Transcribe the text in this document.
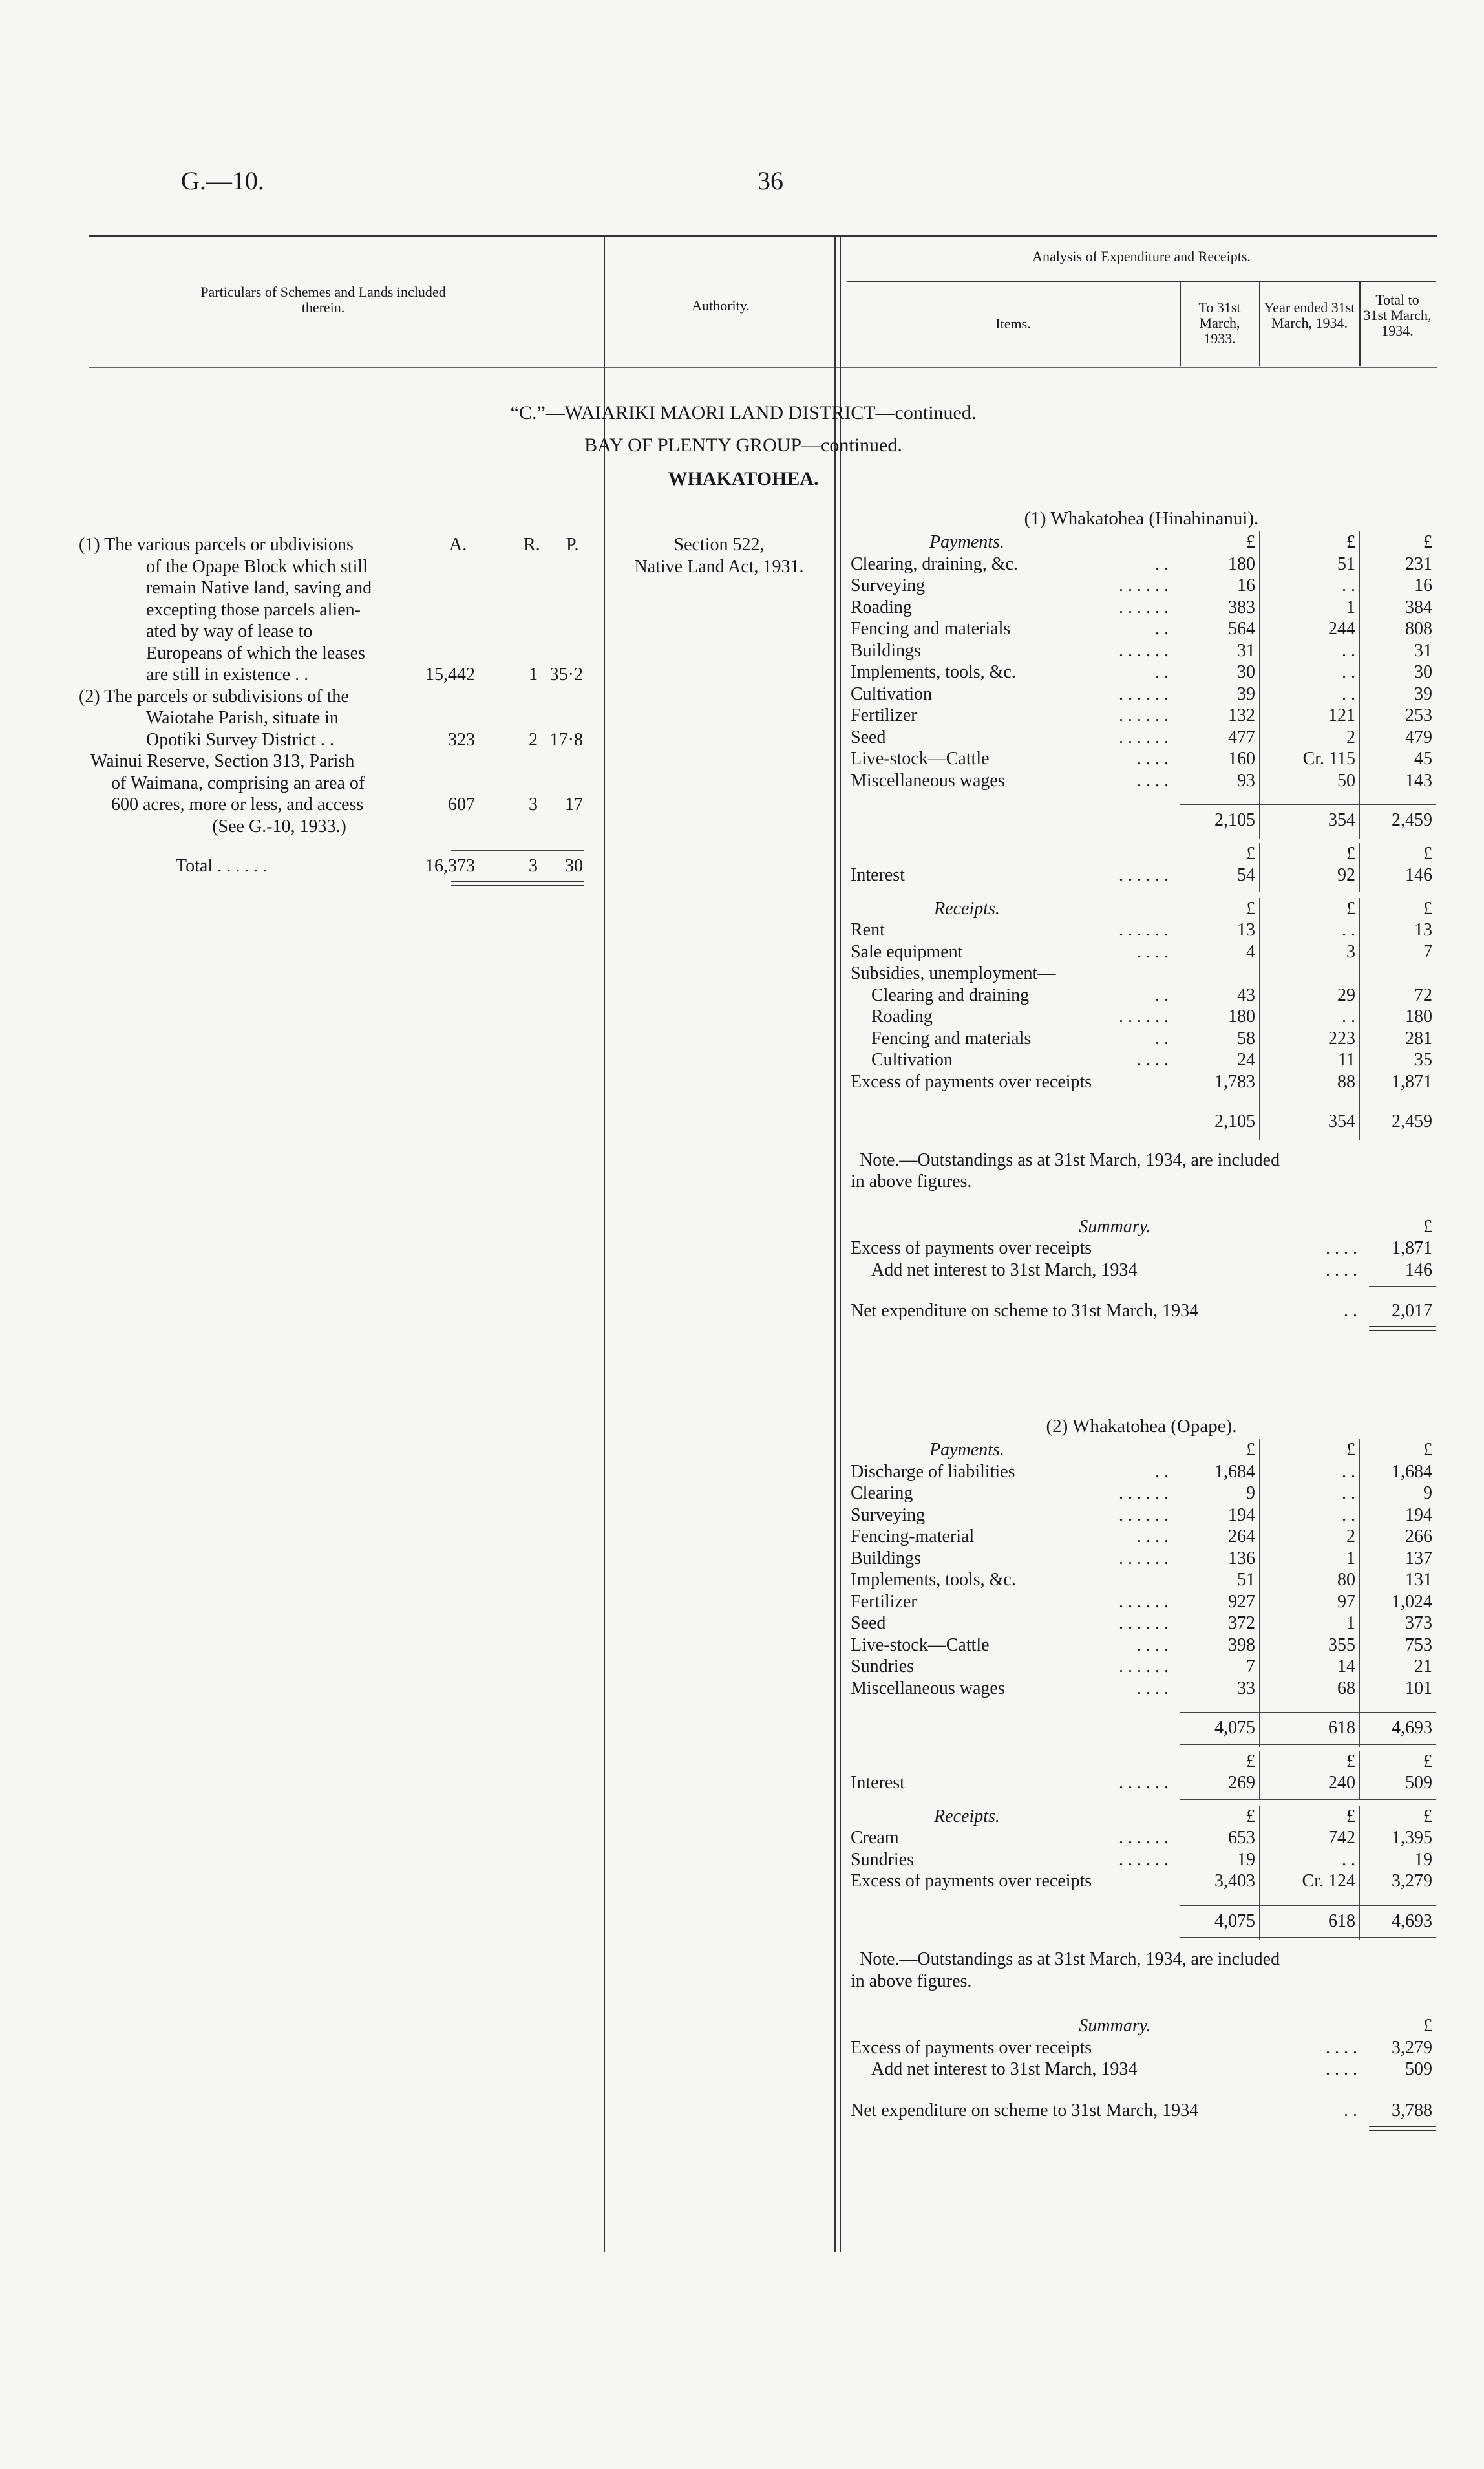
G.—10.	36
Particulars of Schemes and Lands included therein.	Authority.
Analysis of Expenditure and Receipts.
Items.
To 31st March, 1933.
Year ended 31st March, 1934.
Total to 31st March, 1934.
“C.”—WAIARIKI MAORI LAND DISTRICT—continued.
BAY OF PLENTY GROUP—continued.
WHAKATOHEA.
Section 522,
Native Land Act, 1931.
A.	R. P.
(1) The various parcels or ubdivisions
of the Opape Block which still
remain Native land, saving and
excepting those parcels alien-
ated by way of lease to
Europeans of which the leases
are still in existence . .	15,442	1 35·2
(2) The parcels or subdivisions of the
Waiotahe Parish, situate in
Opotiki Survey District . .	323	2 17·8
Wainui Reserve, Section 313, Parish
of Waimana, comprising an area of
600 acres, more or less, and access	607	3	17
(See G.-10, 1933.)
Total . . . . . .	16,373	3	30
(1) Whakatohea (Hinahinanui).
Payments.	£	£	£
Clearing, draining, &c.	. .	180	51	231
Surveying	. . . . . .	16	. .	16
Roading	. . . . . .	383	1	384
Fencing and materials	. .	564	244	808
Buildings	. . . . . .	31	. .	31
Implements, tools, &c.	. .	30	. .	30
Cultivation	. . . . . .	39	. .	39
Fertilizer	. . . . . .	132	121	253
Seed	. . . . . .	477	2	479
Live-stock—Cattle	. . . .	160	Cr. 115	45
Miscellaneous wages	. . . .	93	50	143
2,105	354	2,459
£	£	£
Interest	. . . . . .	54	92	146
Receipts.	£	£	£
Rent	. . . . . .	13	. .	13
Sale equipment	. . . .	4	3	7
Subsidies, unemployment—
Clearing and draining	. .	43	29	72
Roading	. . . . . .	180	. .	180
Fencing and materials	. .	58	223	281
Cultivation	. . . .	24	11	35
Excess of payments over receipts	1,783	88	1,871
2,105	354	2,459
Note.—Outstandings as at 31st March, 1934, are included
in above figures.
Summary.	£
Excess of payments over receipts	. . . .	1,871
Add net interest to 31st March, 1934	. . . .	146
Net expenditure on scheme to 31st March, 1934	. .	2,017
(2) Whakatohea (Opape).
Payments.	£	£	£
Discharge of liabilities	. .	1,684	. .	1,684
Clearing	. . . . . .	9	. .	9
Surveying	. . . . . .	194	. .	194
Fencing-material	. . . .	264	2	266
Buildings	. . . . . .	136	1	137
Implements, tools, &c.	51	80	131
Fertilizer	. . . . . .	927	97	1,024
Seed	. . . . . .	372	1	373
Live-stock—Cattle	. . . .	398	355	753
Sundries	. . . . . .	7	14	21
Miscellaneous wages	. . . .	33	68	101
4,075	618	4,693
£	£	£
Interest	. . . . . .	269	240	509
Receipts.	£	£	£
Cream	. . . . . .	653	742	1,395
Sundries	. . . . . .	19	. .	19
Excess of payments over receipts	3,403	Cr. 124	3,279
4,075	618	4,693
Note.—Outstandings as at 31st March, 1934, are included
in above figures.
Summary.	£
Excess of payments over receipts	. . . .	3,279
Add net interest to 31st March, 1934	. . . .	509
Net expenditure on scheme to 31st March, 1934	. .	3,788
